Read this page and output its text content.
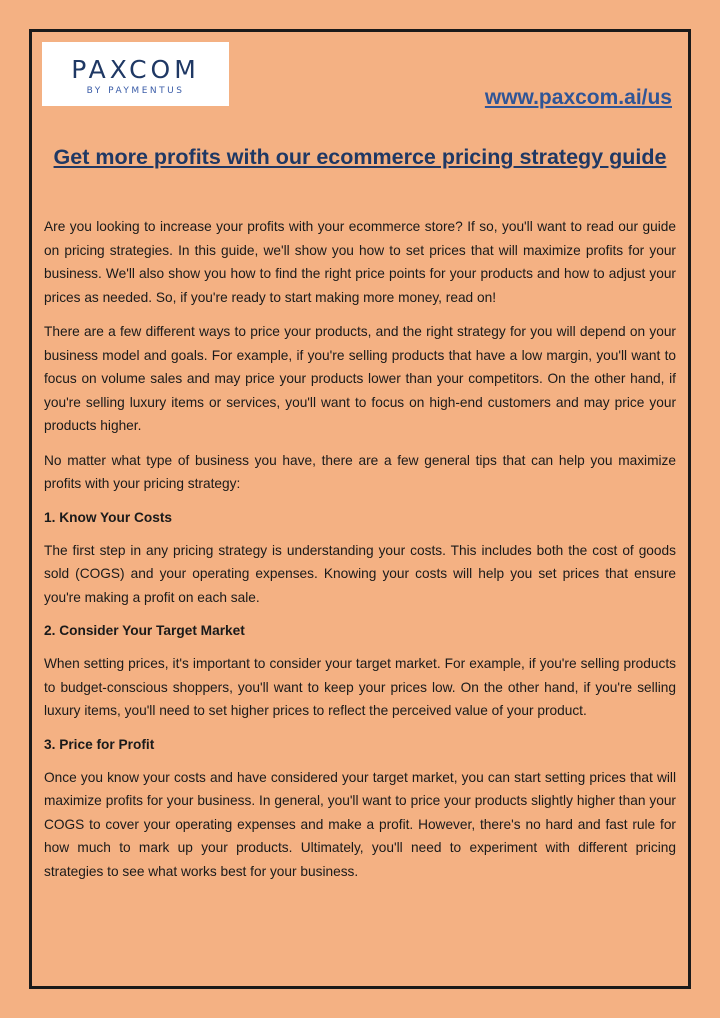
PAXCOM
BY PAYMENTUS	www.paxcom.ai/us
Get more profits with our ecommerce pricing strategy guide

Are you looking to increase your profits with your ecommerce store? If so, you'll want to read our guide on pricing strategies. In this guide, we'll show you how to set prices that will maximize profits for your business. We'll also show you how to find the right price points for your products and how to adjust your prices as needed. So, if you're ready to start making more money, read on!

There are a few different ways to price your products, and the right strategy for you will depend on your business model and goals. For example, if you're selling products that have a low margin, you'll want to focus on volume sales and may price your products lower than your competitors. On the other hand, if you're selling luxury items or services, you'll want to focus on high-end customers and may price your products higher.

No matter what type of business you have, there are a few general tips that can help you maximize profits with your pricing strategy:

1. Know Your Costs

The first step in any pricing strategy is understanding your costs. This includes both the cost of goods sold (COGS) and your operating expenses. Knowing your costs will help you set prices that ensure you're making a profit on each sale.

2. Consider Your Target Market

When setting prices, it's important to consider your target market. For example, if you're selling products to budget-conscious shoppers, you'll want to keep your prices low. On the other hand, if you're selling luxury items, you'll need to set higher prices to reflect the perceived value of your product.

3. Price for Profit

Once you know your costs and have considered your target market, you can start setting prices that will maximize profits for your business. In general, you'll want to price your products slightly higher than your COGS to cover your operating expenses and make a profit. However, there's no hard and fast rule for how much to mark up your products. Ultimately, you'll need to experiment with different pricing strategies to see what works best for your business.
